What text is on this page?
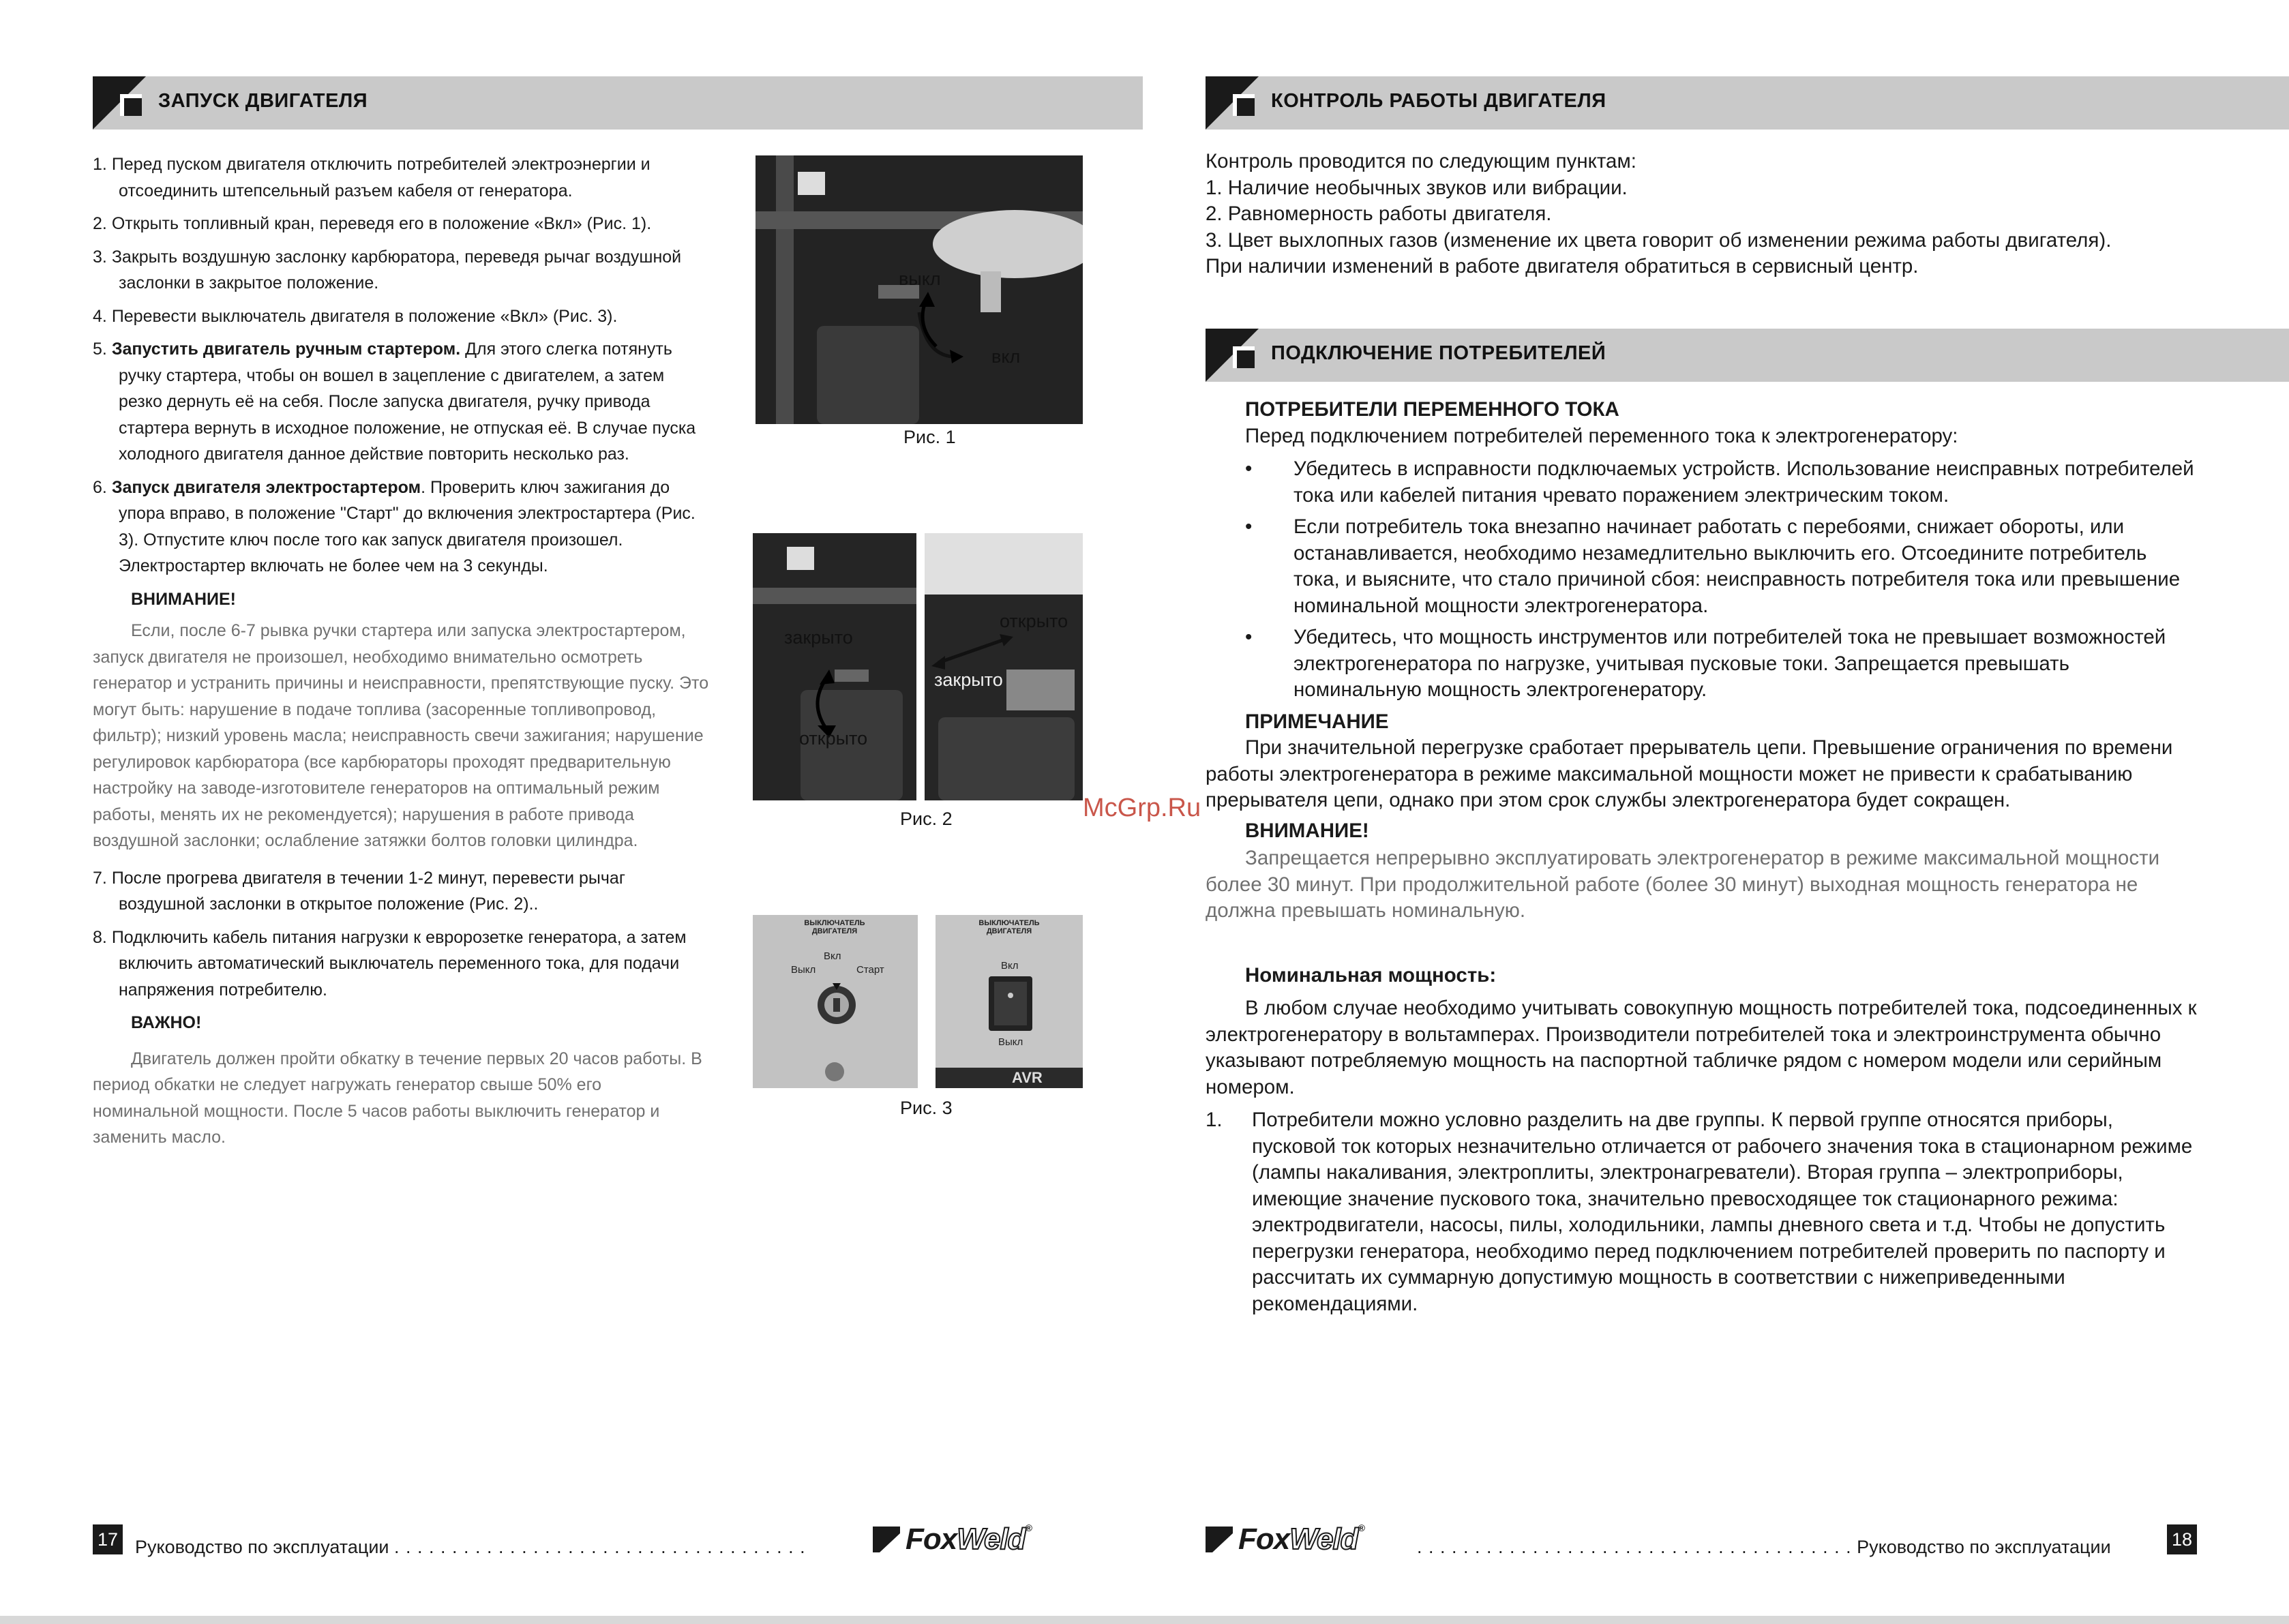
ЗАПУСК ДВИГАТЕЛЯ

1. Перед пуском двигателя отключить потребителей электроэнергии и отсоединить штепсельный разъем кабеля от генератора.

2. Открыть топливный кран, переведя его в положение «Вкл» (Рис. 1).

3. Закрыть воздушную заслонку карбюратора, переведя рычаг воздушной заслонки в закрытое положение.

4. Перевести выключатель двигателя в положение «Вкл» (Рис. 3).

5. Запустить двигатель ручным стартером. Для этого слегка потянуть ручку стартера, чтобы он вошел в зацепление с двигателем, а затем резко дернуть её на себя. После запуска двигателя, ручку привода стартера вернуть в исходное положение, не отпуская её. В случае пуска холодного двигателя данное действие повторить несколько раз.

6. Запуск двигателя электростартером. Проверить ключ зажигания до упора вправо, в положение "Старт" до включения электростартера (Рис. 3). Отпустите ключ после того как запуск двигателя произошел. Электростартер включать не более чем на 3 секунды.

ВНИМАНИЕ!

Если, после 6-7 рывка ручки стартера или запуска электростартером, запуск двигателя не произошел, необходимо внимательно осмотреть генератор и устранить причины и неисправности, препятствующие пуску. Это могут быть: нарушение в подаче топлива (засоренные топливопровод, фильтр); низкий уровень масла; неисправность свечи зажигания; нарушение регулировок карбюратора (все карбюраторы проходят предварительную настройку на заводе-изготовителе генераторов на оптимальный режим работы, менять их не рекомендуется); нарушения в работе привода воздушной заслонки; ослабление затяжки болтов головки цилиндра.

7. После прогрева двигателя в течении 1-2 минут, перевести рычаг воздушной заслонки в открытое положение (Рис. 2)..

8. Подключить кабель питания нагрузки к евророзетке генератора, а затем включить автоматический выключатель переменного тока, для подачи напряжения потребителю.

ВАЖНО!

Двигатель должен пройти обкатку в течение первых 20 часов работы. В период обкатки не следует нагружать генератор свыше 50% его номинальной мощности. После 5 часов работы выключить генератор и заменить масло.

выкл
вкл
Рис. 1
закрыто
открыто
открыто
закрыто
Рис. 2
ВЫКЛЮЧАТЕЛЬ ДВИГАТЕЛЯ
Выкл
Вкл
Старт
ВЫКЛЮЧАТЕЛЬ ДВИГАТЕЛЯ
Вкл
Выкл
AVR
Рис. 3
17 Руководство по эксплуатации . . . . . . . . . . . . . . . . . . . . . . . . . . . . . . . . . . . .	FoxWeld®
КОНТРОЛЬ РАБОТЫ ДВИГАТЕЛЯ

Контроль проводится по следующим пунктам:

1. Наличие необычных звуков или вибрации.

2. Равномерность работы двигателя.

3. Цвет выхлопных газов (изменение их цвета говорит об изменении режима работы двигателя).

При наличии изменений в работе двигателя обратиться в сервисный центр.

ПОДКЛЮЧЕНИЕ ПОТРЕБИТЕЛЕЙ

ПОТРЕБИТЕЛИ ПЕРЕМЕННОГО ТОКА

Перед подключением потребителей переменного тока к электрогенератору:

• Убедитесь в исправности подключаемых устройств. Использование неисправных потребителей тока или кабелей питания чревато поражением электрическим током.

• Если потребитель тока внезапно начинает работать с перебоями, снижает обороты, или останавливается, необходимо незамедлительно выключить его. Отсоедините потребитель тока, и выясните, что стало причиной сбоя: неисправность потребителя тока или превышение номинальной мощности электрогенератора.

• Убедитесь, что мощность инструментов или потребителей тока не превышает возможностей электрогенератора по нагрузке, учитывая пусковые токи. Запрещается превышать номинальную мощность электрогенератору.

ПРИМЕЧАНИЕ

При значительной перегрузке сработает прерыватель цепи. Превышение ограничения по времени работы электрогенератора в режиме максимальной мощности может не привести к срабатыванию прерывателя цепи, однако при этом срок службы электрогенератора будет сокращен.

ВНИМАНИЕ!

Запрещается непрерывно эксплуатировать электрогенератор в режиме максимальной мощности более 30 минут. При продолжительной работе (более 30 минут) выходная мощность генератора не должна превышать номинальную.

Номинальная мощность:

В любом случае необходимо учитывать совокупную мощность потребителей тока, подсоединенных к электрогенератору в вольтамперах. Производители потребителей тока и электроинструмента обычно указывают потребляемую мощность на паспортной табличке рядом с номером модели или серийным номером.

1. Потребители можно условно разделить на две группы. К первой группе относятся приборы, пусковой ток которых незначительно отличается от рабочего значения тока в стационарном режиме (лампы накаливания, электроплиты, электронагреватели). Вторая группа – электроприборы, имеющие значение пускового тока, значительно превосходящее ток стационарного режима: электродвигатели, насосы, пилы, холодильники, лампы дневного света и т.д. Чтобы не допустить перегрузки генератора, необходимо перед подключением потребителей проверить по паспорту и рассчитать их суммарную допустимую мощность в соответствии с нижеприведенными рекомендациями.

McGrp.Ru
FoxWeld®
. . . . . . . . . . . . . . . . . . . . . . . . . . . . . . . . . . . . . . Руководство по эксплуатации	18
